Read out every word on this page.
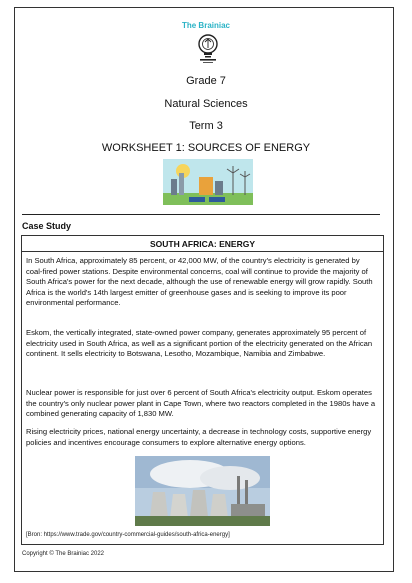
The Brainiac
Grade 7
Natural Sciences
Term 3
WORKSHEET 1: SOURCES OF ENERGY
Case Study
SOUTH AFRICA: ENERGY

In South Africa, approximately 85 percent, or 42,000 MW, of the country's electricity is generated by coal-fired power stations. Despite environmental concerns, coal will continue to provide the majority of South Africa's power for the next decade, although the use of renewable energy will grow rapidly. South Africa is the world's 14th largest emitter of greenhouse gases and is seeking to improve its poor environmental performance.

Eskom, the vertically integrated, state-owned power company, generates approximately 95 percent of electricity used in South Africa, as well as a significant portion of the electricity generated on the African continent. It sells electricity to Botswana, Lesotho, Mozambique, Namibia and Zimbabwe.

Nuclear power is responsible for just over 6 percent of South Africa's electricity output. Eskom operates the country's only nuclear power plant in Cape Town, where two reactors completed in the 1980s have a combined generating capacity of 1,830 MW.

Rising electricity prices, national energy uncertainty, a decrease in technology costs, supportive energy policies and incentives encourage consumers to explore alternative energy options.

[Bron: https://www.trade.gov/country-commercial-guides/south-africa-energy]
Copyright © The Brainiac 2022
